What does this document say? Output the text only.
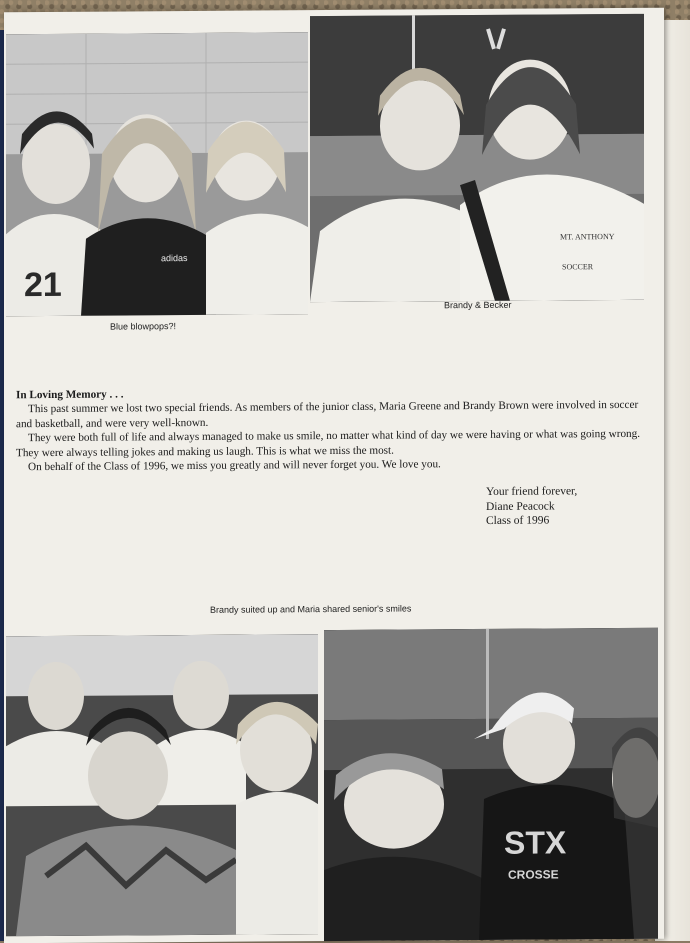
21
adidas
MT. ANTHONY
SOCCER
Blue blowpops?!
Brandy & Becker

In Loving Memory . . .

This past summer we lost two special friends. As members of the junior class, Maria Greene and Brandy Brown were involved in soccer and basketball, and were very well-known.

They were both full of life and always managed to make us smile, no matter what kind of day we were having or what was going wrong. They were always telling jokes and making us laugh. This is what we miss the most.

On behalf of the Class of 1996, we miss you greatly and will never forget you. We love you.

Your friend forever,
Diane Peacock
Class of 1996
Brandy suited up and Maria shared senior's smiles
STX
CROSSE
